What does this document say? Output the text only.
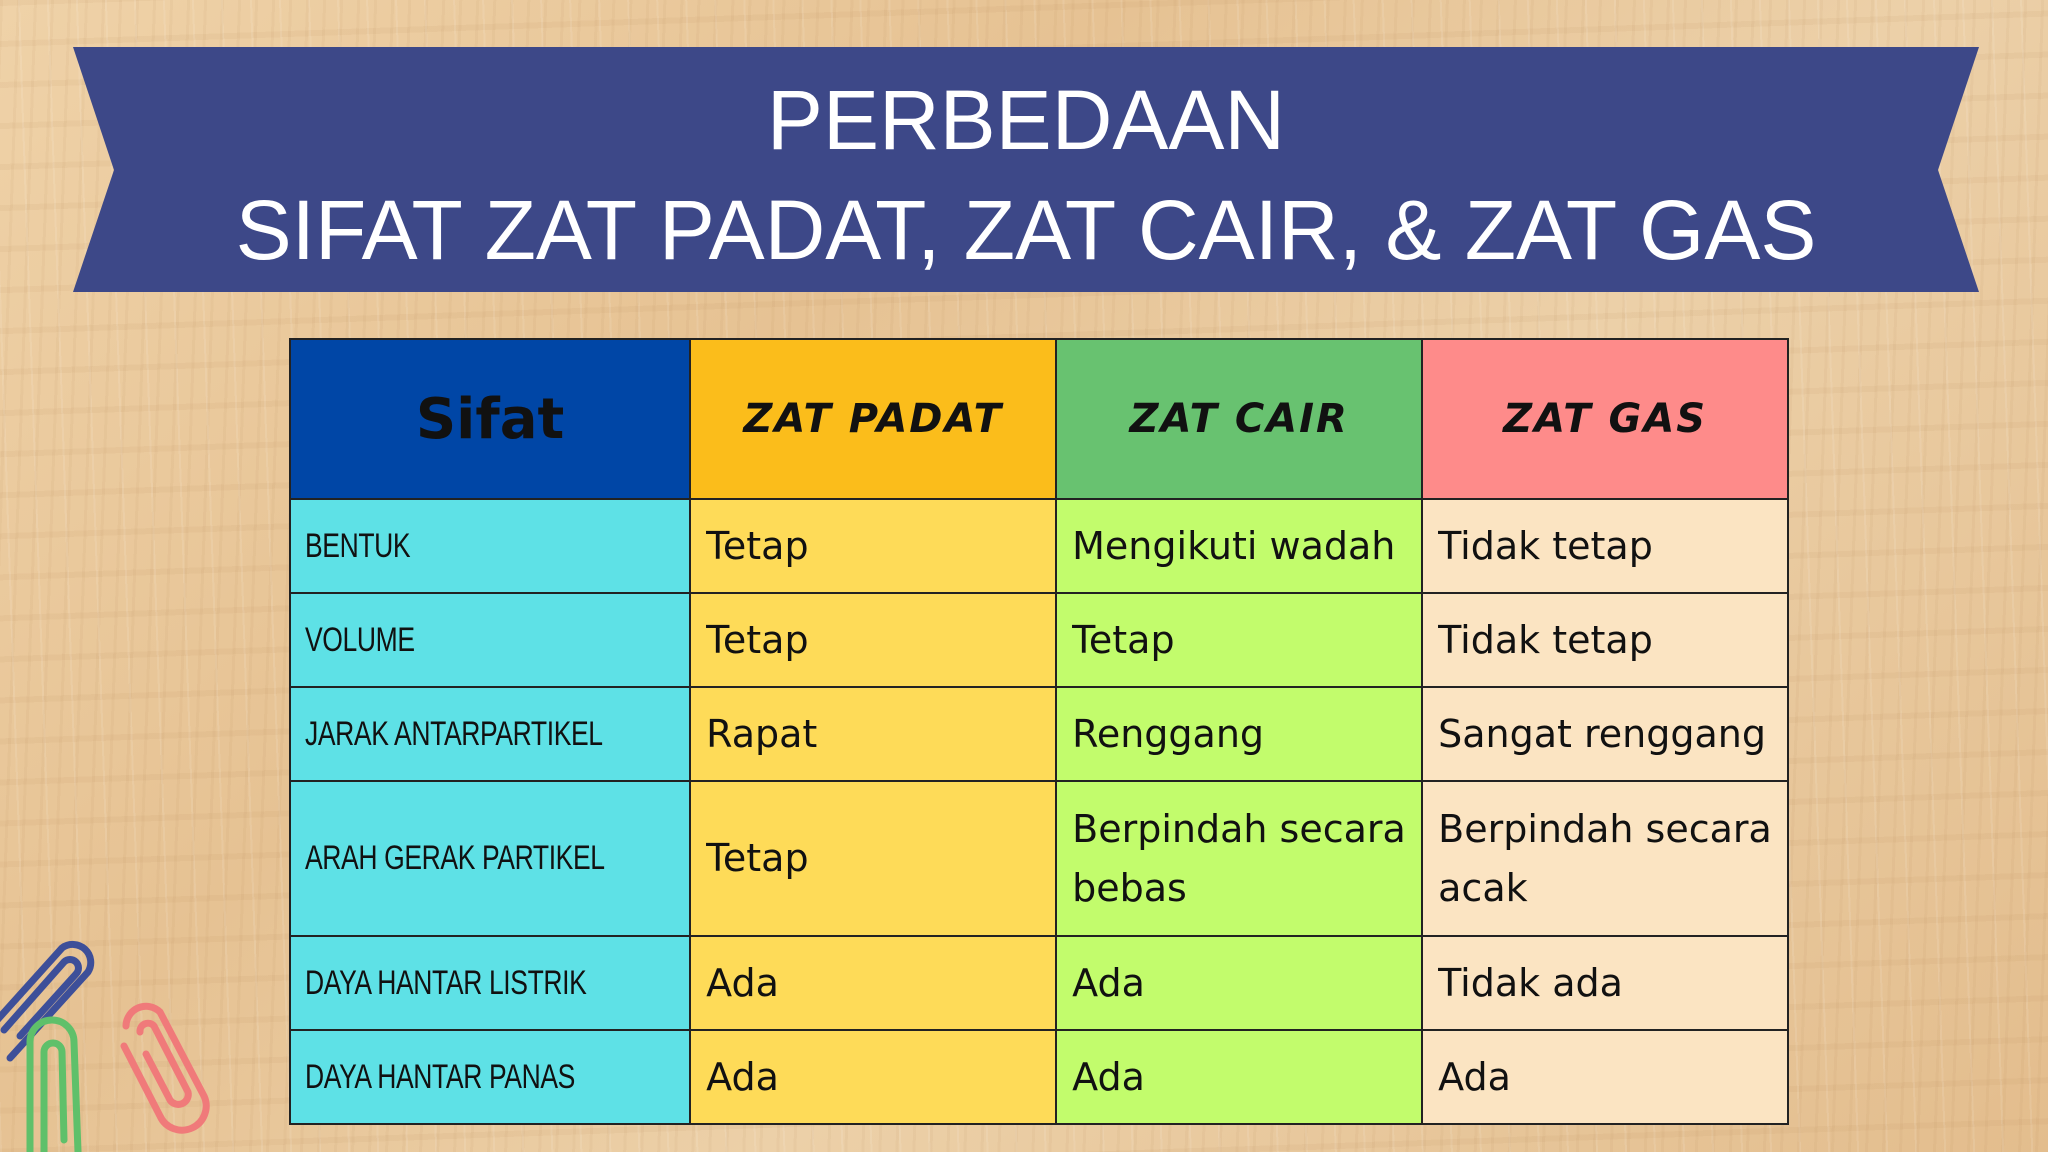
PERBEDAAN
SIFAT ZAT PADAT, ZAT CAIR, & ZAT GAS
Sifat	ZAT PADAT	ZAT CAIR	ZAT GAS
BENTUK	Tetap	Mengikuti wadah	Tidak tetap
VOLUME	Tetap	Tetap	Tidak tetap
JARAK ANTARPARTIKEL	Rapat	Renggang	Sangat renggang
ARAH GERAK PARTIKEL	Tetap	Berpindah secara bebas	Berpindah secara acak
DAYA HANTAR LISTRIK	Ada	Ada	Tidak ada
DAYA HANTAR PANAS	Ada	Ada	Ada
